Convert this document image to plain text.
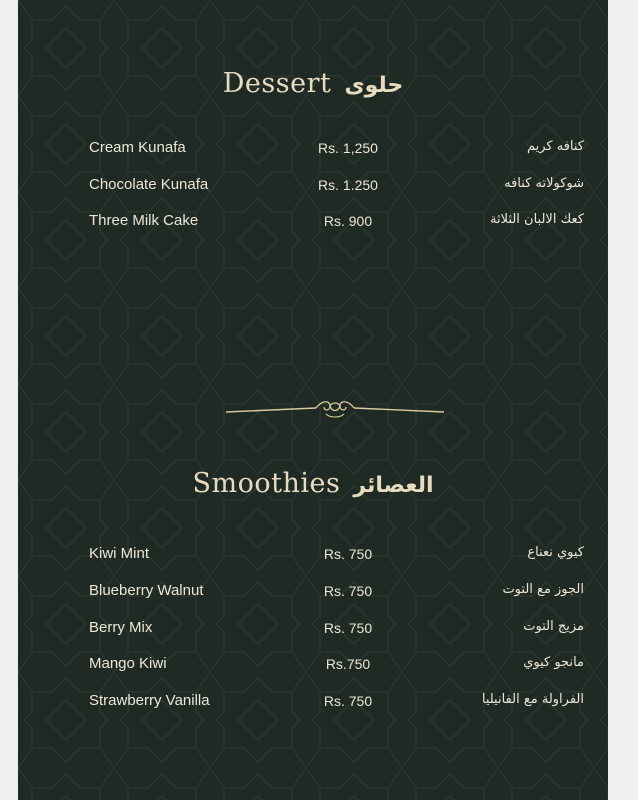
Dessert حلوى
Cream Kunafa	Rs. 1,250	كنافه كريم
Chocolate Kunafa	Rs. 1.250	شوكولاته كنافه
Three Milk Cake	Rs. 900	كعك الالبان الثلاثة
Smoothies العصائر
Kiwi Mint	Rs. 750	كيوي نعناع
Blueberry Walnut	Rs. 750	الجوز مع التوت
Berry Mix	Rs. 750	مزيج التوت
Mango Kiwi	Rs.750	مانجو كيوي
Strawberry Vanilla	Rs. 750	الفراولة مع الفانيليا
